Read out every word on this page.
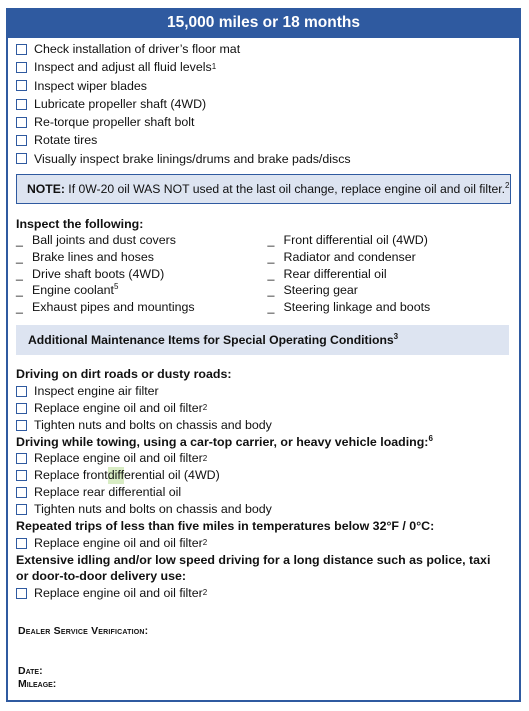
15,000 miles or 18 months
Check installation of driver’s floor mat
Inspect and adjust all fluid levels 1
Inspect wiper blades
Lubricate propeller shaft (4WD)
Re-torque propeller shaft bolt
Rotate tires
Visually inspect brake linings/drums and brake pads/discs
NOTE: If 0W-20 oil WAS NOT used at the last oil change, replace engine oil and oil filter.$^2$
Inspect the following:
_ Ball joints and dust covers
_ Brake lines and hoses
_ Drive shaft boots (4WD)
_ Engine coolant$^5$
_ Exhaust pipes and mountings
_ Front differential oil (4WD)
_ Radiator and condenser
_ Rear differential oil
_ Steering gear
_ Steering linkage and boots
Additional Maintenance Items for Special Operating Conditions$^3$
Driving on dirt roads or dusty roads:
Inspect engine air filter
Replace engine oil and oil filter 2
Tighten nuts and bolts on chassis and body
Driving while towing, using a car-top carrier, or heavy vehicle loading:$^6$
Replace engine oil and oil filter 2
Replace front diff erential oil (4WD)
Replace rear differential oil
Tighten nuts and bolts on chassis and body
Repeated trips of less than five miles in temperatures below 32°F / 0°C:
Replace engine oil and oil filter 2
Extensive idling and/or low speed driving for a long distance such as police, taxi or door-to-door delivery use:
Replace engine oil and oil filter 2
Dealer Service Verification:
Date:
Mileage:
